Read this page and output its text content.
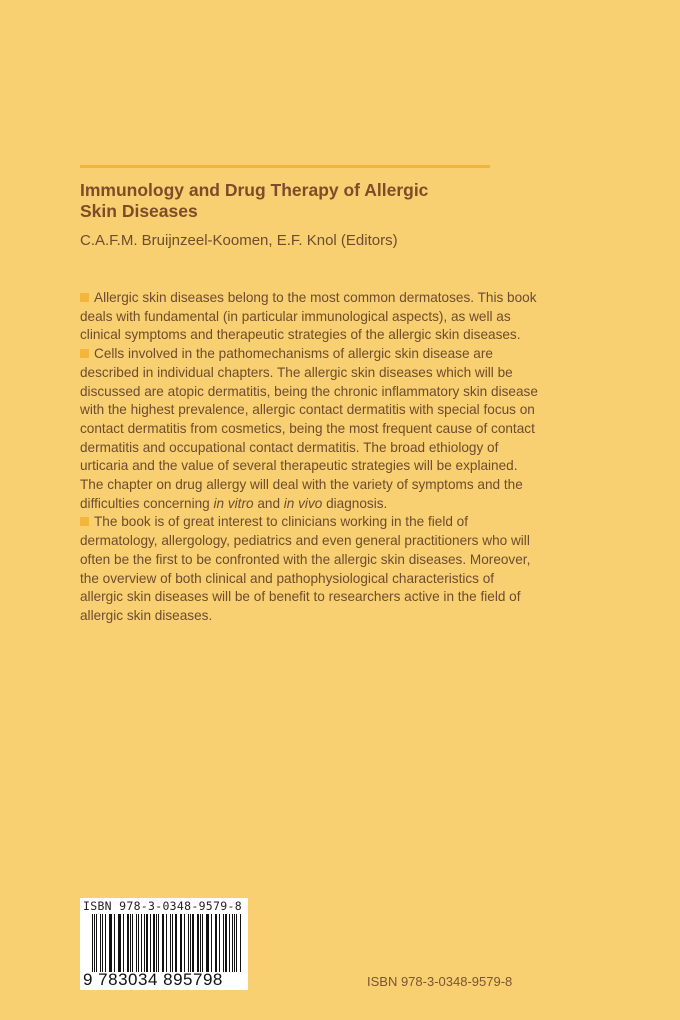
Immunology and Drug Therapy of Allergic
Skin Diseases
C.A.F.M. Bruijnzeel-Koomen, E.F. Knol (Editors)

Allergic skin diseases belong to the most common dermatoses. This book deals with fundamental (in particular immunological aspects), as well as clinical symptoms and therapeutic strategies of the allergic skin diseases.

Cells involved in the pathomechanisms of allergic skin disease are described in individual chapters. The allergic skin diseases which will be discussed are atopic dermatitis, being the chronic inflammatory skin disease with the highest prevalence, allergic contact dermatitis with special focus on contact dermatitis from cosmetics, being the most frequent cause of contact dermatitis and occupational contact dermatitis. The broad ethiology of urticaria and the value of several therapeutic strategies will be explained. The chapter on drug allergy will deal with the variety of symptoms and the difficulties concerning in vitro and in vivo diagnosis.

The book is of great interest to clinicians working in the field of dermatology, allergology, pediatrics and even general practitioners who will often be the first to be confronted with the allergic skin diseases. Moreover, the overview of both clinical and pathophysiological characteristics of allergic skin diseases will be of benefit to researchers active in the field of allergic skin diseases.

ISBN 978-3-0348-9579-8
9 783034 895798	ISBN 978-3-0348-9579-8
